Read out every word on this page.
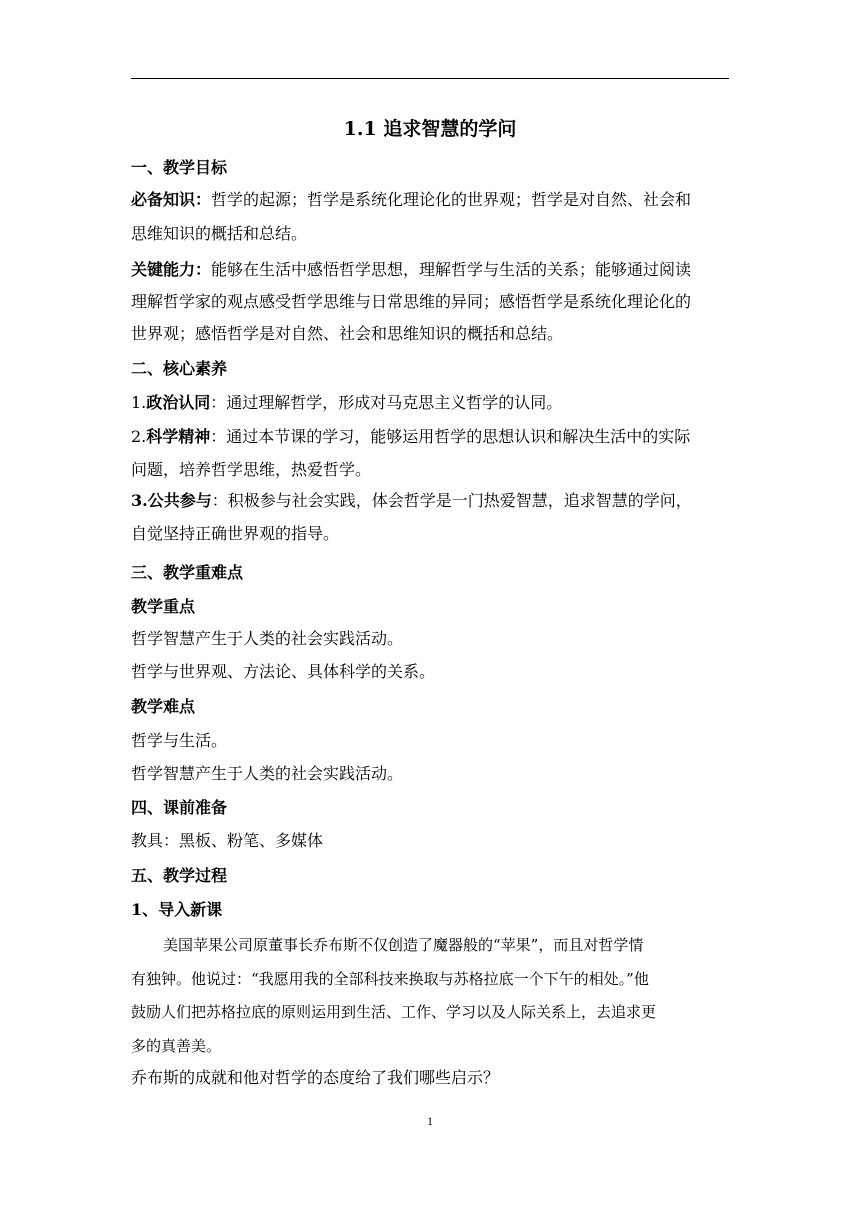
1.1 追求智慧的学问
一、教学目标
必备知识：哲学的起源；哲学是系统化理论化的世界观；哲学是对自然、社会和
思维知识的概括和总结。
关键能力：能够在生活中感悟哲学思想，理解哲学与生活的关系；能够通过阅读
理解哲学家的观点感受哲学思维与日常思维的异同；感悟哲学是系统化理论化的
世界观；感悟哲学是对自然、社会和思维知识的概括和总结。
二、核心素养
1.政治认同：通过理解哲学，形成对马克思主义哲学的认同。
2.科学精神：通过本节课的学习，能够运用哲学的思想认识和解决生活中的实际
问题，培养哲学思维，热爱哲学。
3.公共参与：积极参与社会实践，体会哲学是一门热爱智慧，追求智慧的学问，
自觉坚持正确世界观的指导。
三、教学重难点
教学重点
哲学智慧产生于人类的社会实践活动。
哲学与世界观、方法论、具体科学的关系。
教学难点
哲学与生活。
哲学智慧产生于人类的社会实践活动。
四、课前准备
教具：黑板、粉笔、多媒体
五、教学过程
1、导入新课
美国苹果公司原董事长乔布斯不仅创造了魔器般的“苹果”，而且对哲学情
有独钟。他说过：“我愿用我的全部科技来换取与苏格拉底一个下午的相处。”他
鼓励人们把苏格拉底的原则运用到生活、工作、学习以及人际关系上，去追求更
多的真善美。
乔布斯的成就和他对哲学的态度给了我们哪些启示？
1
